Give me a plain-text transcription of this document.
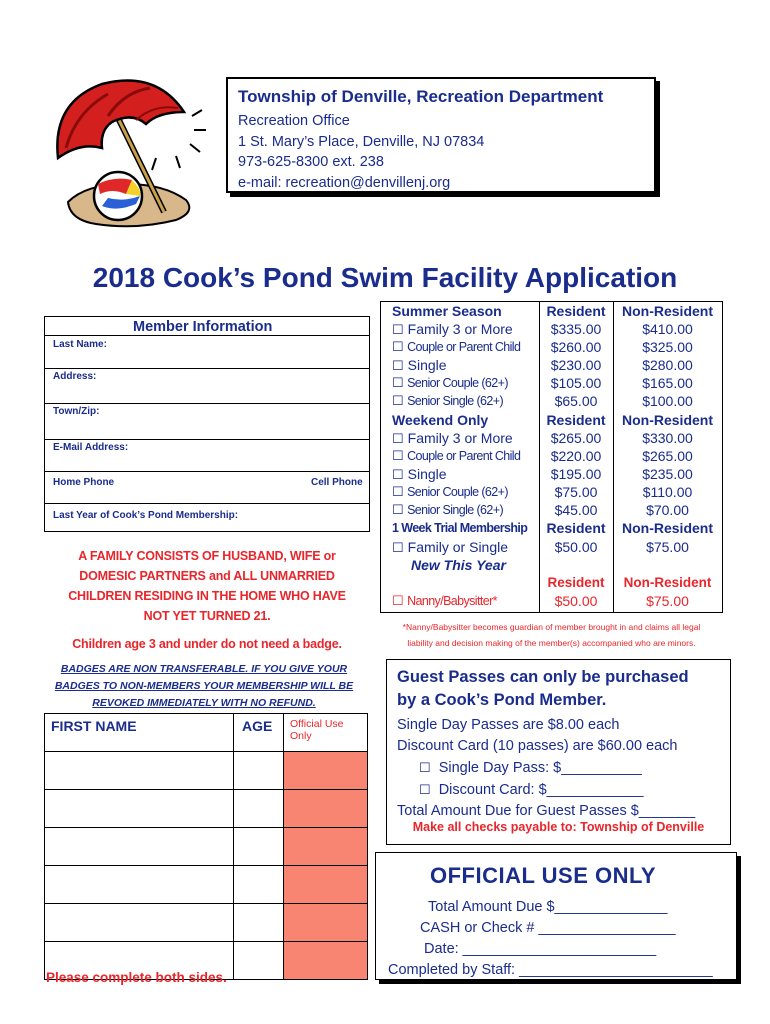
Township of Denville, Recreation Department
Recreation Office
1 St. Mary’s Place, Denville, NJ 07834
973-625-8300 ext. 238
e-mail: recreation@denvillenj.org
2018 Cook’s Pond Swim Facility Application
Member Information
Last Name:
Address:
Town/Zip:
E-Mail Address:
Home Phone	Cell Phone
Last Year of Cook’s Pond Membership:
A FAMILY CONSISTS OF HUSBAND, WIFE or
DOMESIC PARTNERS and ALL UNMARRIED
CHILDREN RESIDING IN THE HOME WHO HAVE
NOT YET TURNED 21.
Children age 3 and under do not need a badge.
BADGES ARE NON TRANSFERABLE. IF YOU GIVE YOUR
BADGES TO NON-MEMBERS YOUR MEMBERSHIP WILL BE
REVOKED IMMEDIATELY WITH NO REFUND.
FIRST NAME	AGE	Official Use Only

Please complete both sides.
Summer Season	Resident	Non-Resident
☐ Family 3 or More	$335.00	$410.00
☐ Couple or Parent Child	$260.00	$325.00
☐ Single	$230.00	$280.00
☐ Senior Couple (62+)	$105.00	$165.00
☐ Senior Single (62+)	$65.00	$100.00
Weekend Only	Resident	Non-Resident
☐ Family 3 or More	$265.00	$330.00
☐ Couple or Parent Child	$220.00	$265.00
☐ Single	$195.00	$235.00
☐ Senior Couple (62+)	$75.00	$110.00
☐ Senior Single (62+)	$45.00	$70.00
1 Week Trial Membership	Resident	Non-Resident
☐ Family or Single	$50.00	$75.00
New This Year
Resident	Non-Resident
☐ Nanny/Babysitter*	$50.00	$75.00
*Nanny/Babysitter becomes guardian of member brought in and claims all legal
liability and decision making of the member(s) accompanied who are minors.
Guest Passes can only be purchased
by a Cook’s Pond Member.
Single Day Passes are $8.00 each
Discount Card (10 passes) are $60.00 each
☐ Single Day Pass: $__________
☐ Discount Card: $____________
Total Amount Due for Guest Passes $_______
Make all checks payable to: Township of Denville
OFFICIAL USE ONLY
Total Amount Due $______________
CASH or Check # _________________
Date: ________________________
Completed by Staff: ________________________
